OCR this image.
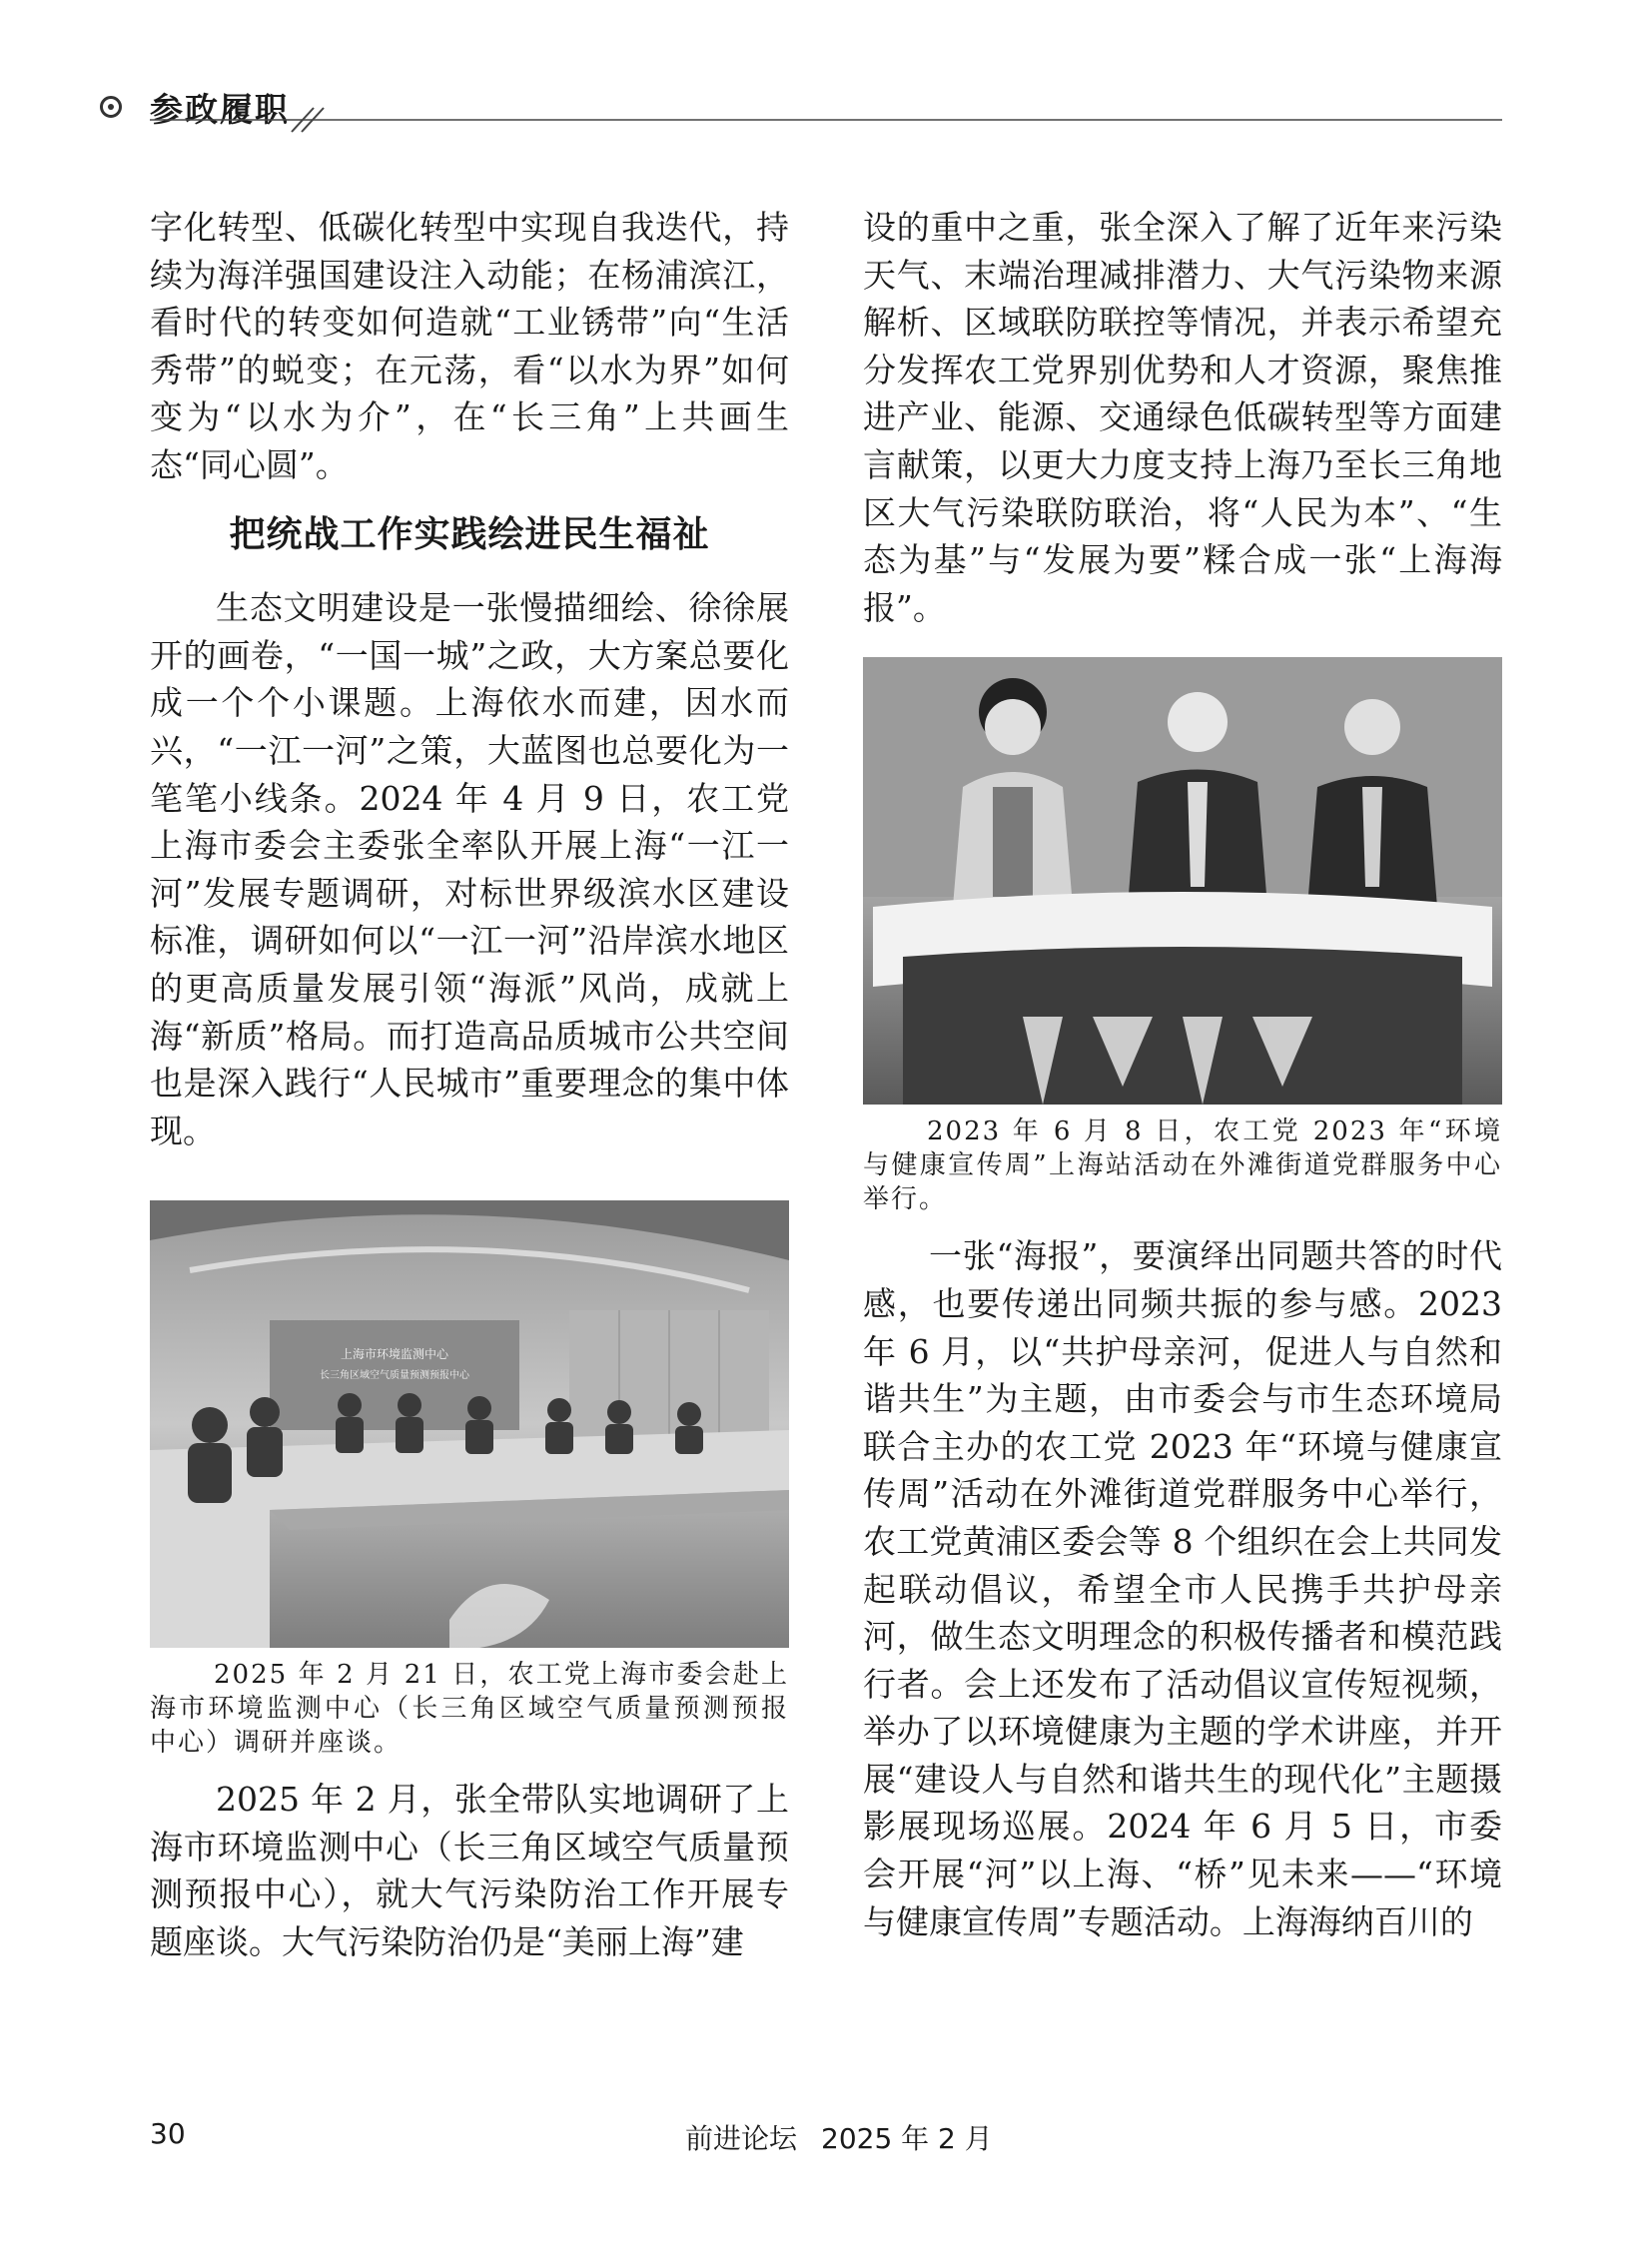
参政履职

字化转型、低碳化转型中实现自我迭代，持续为海洋强国建设注入动能；在杨浦滨江，看时代的转变如何造就“工业锈带”向“生活秀带”的蜕变；在元荡，看“以水为界”如何变为“以水为介”，在“长三角”上共画生态“同心圆”。

把统战工作实践绘进民生福祉

生态文明建设是一张慢描细绘、徐徐展开的画卷，“一国一城”之政，大方案总要化成一个个小课题。上海依水而建，因水而兴，“一江一河”之策，大蓝图也总要化为一笔笔小线条。2024 年 4 月 9 日，农工党上海市委会主委张全率队开展上海“一江一河”发展专题调研，对标世界级滨水区建设标准，调研如何以“一江一河”沿岸滨水地区的更高质量发展引领“海派”风尚，成就上海“新质”格局。而打造高品质城市公共空间也是深入践行“人民城市”重要理念的集中体现。

上海市环境监测中心
长三角区域空气质量预测预报中心

2025 年 2 月 21 日，农工党上海市委会赴上海市环境监测中心（长三角区域空气质量预测预报中心）调研并座谈。

2025 年 2 月，张全带队实地调研了上海市环境监测中心（长三角区域空气质量预测预报中心），就大气污染防治工作开展专题座谈。大气污染防治仍是“美丽上海”建

设的重中之重，张全深入了解了近年来污染天气、末端治理减排潜力、大气污染物来源解析、区域联防联控等情况，并表示希望充分发挥农工党界别优势和人才资源，聚焦推进产业、能源、交通绿色低碳转型等方面建言献策，以更大力度支持上海乃至长三角地区大气污染联防联治，将“人民为本”、“生态为基”与“发展为要”糅合成一张“上海海报”。

2023 年 6 月 8 日，农工党 2023 年“环境与健康宣传周”上海站活动在外滩街道党群服务中心举行。

一张“海报”，要演绎出同题共答的时代感，也要传递出同频共振的参与感。2023 年 6 月，以“共护母亲河，促进人与自然和谐共生”为主题，由市委会与市生态环境局联合主办的农工党 2023 年“环境与健康宣传周”活动在外滩街道党群服务中心举行，农工党黄浦区委会等 8 个组织在会上共同发起联动倡议，希望全市人民携手共护母亲河，做生态文明理念的积极传播者和模范践行者。会上还发布了活动倡议宣传短视频，举办了以环境健康为主题的学术讲座，并开展“建设人与自然和谐共生的现代化”主题摄影展现场巡展。2024 年 6 月 5 日，市委会开展“河”以上海、“桥”见未来——“环境与健康宣传周”专题活动。上海海纳百川的

30	前进论坛 2025 年 2 月
